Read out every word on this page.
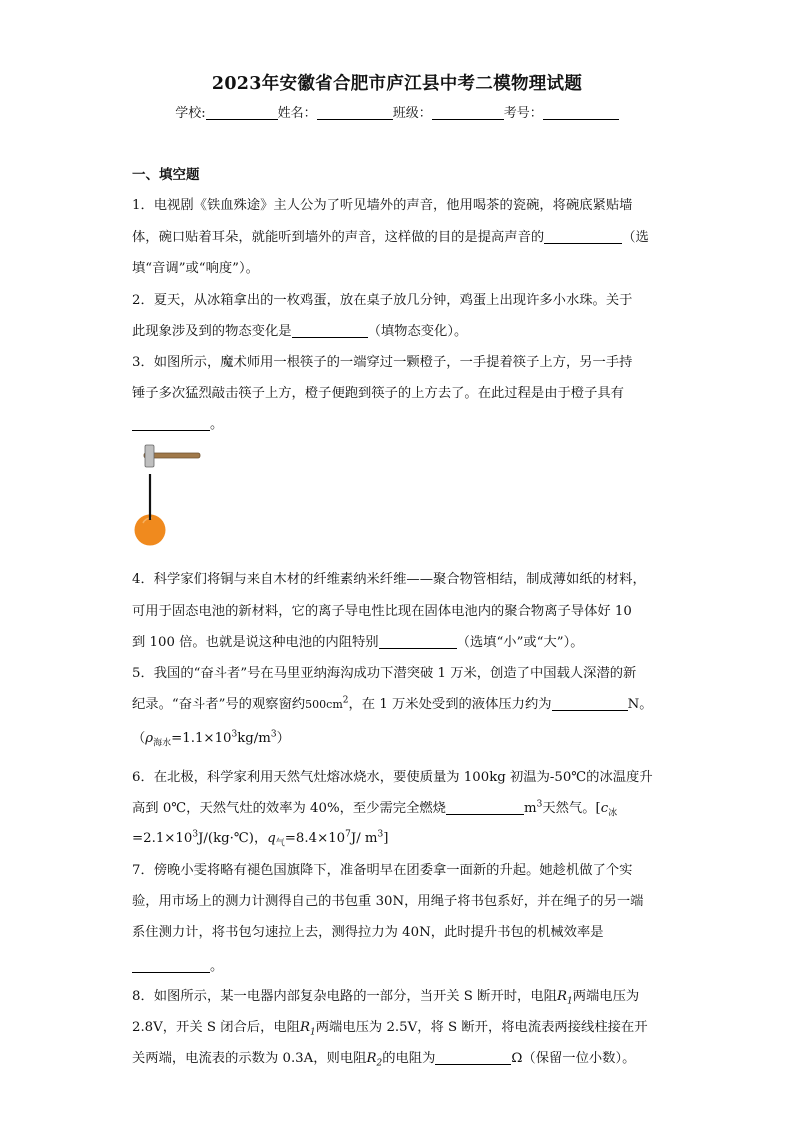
2023年安徽省合肥市庐江县中考二模物理试题
学校:	姓名：	班级：	考号：
一、填空题
1．电视剧《铁血殊途》主人公为了听见墙外的声音，他用喝茶的瓷碗，将碗底紧贴墙
体，碗口贴着耳朵，就能听到墙外的声音，这样做的目的是提高声音的	（选
填“音调”或“响度”）。
2．夏天，从冰箱拿出的一枚鸡蛋，放在桌子放几分钟，鸡蛋上出现许多小水珠。关于
此现象涉及到的物态变化是	（填物态变化）。
3．如图所示，魔术师用一根筷子的一端穿过一颗橙子，一手提着筷子上方，另一手持
锤子多次猛烈敲击筷子上方，橙子便跑到筷子的上方去了。在此过程是由于橙子具有
。
4．科学家们将铜与来自木材的纤维素纳米纤维——聚合物管相结，制成薄如纸的材料，
可用于固态电池的新材料，它的离子导电性比现在固体电池内的聚合物离子导体好 10
到 100 倍。也就是说这种电池的内阻特别	（选填“小”或“大”）。
5．我国的“奋斗者”号在马里亚纳海沟成功下潜突破 1 万米，创造了中国载人深潜的新
纪录。“奋斗者”号的观察窗约$500cm^2$，在 1 万米处受到的液体压力约为	N。
$(\rho_{海水}=1.1\times 10^3kg/m^3)$
6．在北极，科学家利用天然气灶熔冰烧水，要使质量为 100kg 初温为-50℃的冰温度升
高到 0℃，天然气灶的效率为 40%，至少需完全燃烧	$m^3$天然气。[$c_冰$
$=2.1\times 10^3J/(kg\cdot℃)$，$q_气=8.4\times 10^7J/$ $m^3$]
7．傍晚小雯将略有褪色国旗降下，准备明早在团委拿一面新的升起。她趁机做了个实
验，用市场上的测力计测得自己的书包重 30N，用绳子将书包系好，并在绳子的另一端
系住测力计，将书包匀速拉上去，测得拉力为 40N，此时提升书包的机械效率是
。
8．如图所示，某一电器内部复杂电路的一部分，当开关 S 断开时，电阻$R_1$两端电压为
2.8V，开关 S 闭合后，电阻$R_1$两端电压为 2.5V，将 S 断开，将电流表两接线柱接在开
关两端，电流表的示数为 0.3A，则电阻$R_2$的电阻为	Ω（保留一位小数）。
